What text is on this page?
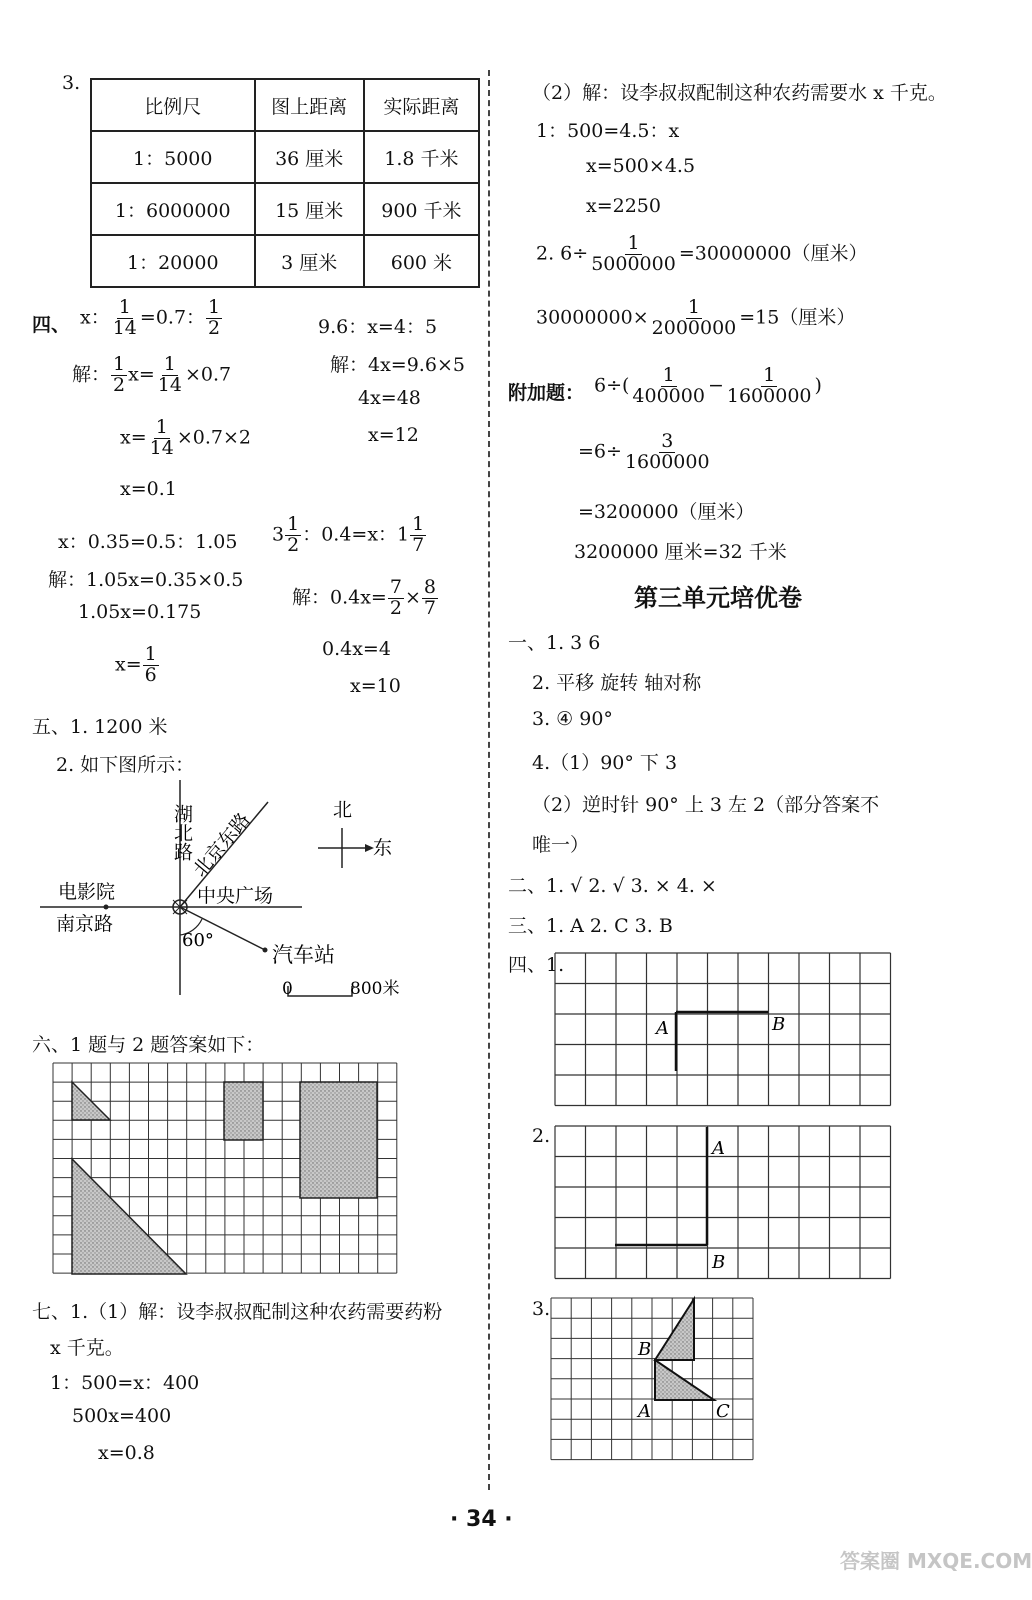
3.
比例尺	图上距离	实际距离
1：5000	36 厘米	1.8 千米
1：6000000	15 厘米	900 千米
1：20000	3 厘米	600 米
四、 x： $\frac{1}{14} =0.7$： $\frac{1}{2}$
解： $\frac{1}{2} x= \frac{1}{14} \times 0.7$
$x= \frac{1}{14} \times 0.7\times 2$
x=0.1
9.6：x=4：5
解：4x=9.6×5
4x=48
x=12
x：0.35=0.5：1.05
解：1.05x=0.35×0.5
1.05x=0.175
$x= \frac{1}{6}$
$3 \frac{1}{2}$ ：0.4=x：$1 \frac{1}{7}$
解：$0.4x= \frac{7}{2} \times \frac{8}{7}$
0.4x=4
x=10
五、1. 1200 米
2. 如下图所示：
湖北路
北京东路	北
东
电影院	中央广场
南京路
60°
汽车站
0	800米
六、1 题与 2 题答案如下：
七、1.（1）解：设李叔叔配制这种农药需要药粉
x 千克。
1：500=x：400
500x=400
x=0.8
（2）解：设李叔叔配制这种农药需要水 x 千克。
1：500=4.5：x
x=500×4.5
x=2250
2. $6\div \frac{1}{5000000} =30000000$（厘米）
$30000000\times \frac{1}{2000000} =15$（厘米）
附加题： $6\div( \frac{1}{400000} - \frac{1}{1600000}$ )
$=6\div \frac{3}{1600000}$
=3200000（厘米）
3200000 厘米=32 千米
第三单元培优卷
一、1. 3 6
2. 平移 旋转 轴对称
3. ④ 90°
4.（1）90° 下 3
（2）逆时针 90° 上 3 左 2（部分答案不
唯一）
二、1. √ 2. √ 3. × 4. ×
三、1. A 2. C 3. B
四、1.
A	B
2.
A
B
3.
B
A	C
· 34 ·
答案圈 MXQE.COM
